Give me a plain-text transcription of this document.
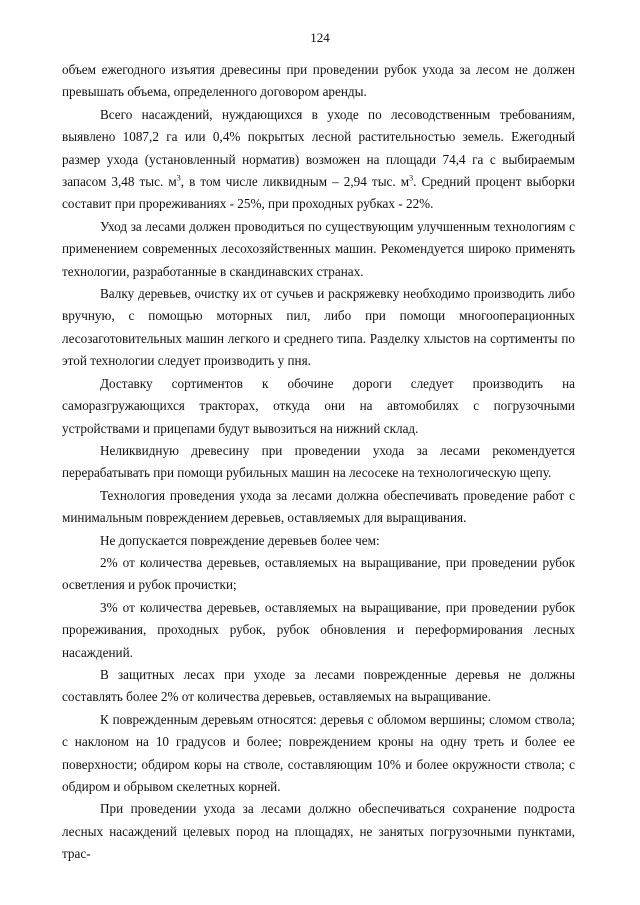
124

объем ежегодного изъятия древесины при проведении рубок ухода за лесом не должен превышать объема, определенного договором аренды.

Всего насаждений, нуждающихся в уходе по лесоводственным требованиям, выявлено 1087,2 га или 0,4% покрытых лесной растительностью земель. Ежегодный размер ухода (установленный норматив) возможен на площади 74,4 га с выбираемым запасом 3,48 тыс. $м^3$, в том числе ликвидным – 2,94 тыс. $м^3$. Средний процент выборки составит при прореживаниях - 25%, при проходных рубках - 22%.

Уход за лесами должен проводиться по существующим улучшенным технологиям с применением современных лесохозяйственных машин. Рекомендуется широко применять технологии, разработанные в скандинавских странах.

Валку деревьев, очистку их от сучьев и раскряжевку необходимо производить либо вручную, с помощью моторных пил, либо при помощи многооперационных лесозаготовительных машин легкого и среднего типа. Разделку хлыстов на сортименты по этой технологии следует производить у пня.

Доставку сортиментов к обочине дороги следует производить на саморазгружающихся тракторах, откуда они на автомобилях с погрузочными устройствами и прицепами будут вывозиться на нижний склад.

Неликвидную древесину при проведении ухода за лесами рекомендуется перерабатывать при помощи рубильных машин на лесосеке на технологическую щепу.

Технология проведения ухода за лесами должна обеспечивать проведение работ с минимальным повреждением деревьев, оставляемых для выращивания.

Не допускается повреждение деревьев более чем:

2% от количества деревьев, оставляемых на выращивание, при проведении рубок осветления и рубок прочистки;

3% от количества деревьев, оставляемых на выращивание, при проведении рубок прореживания, проходных рубок, рубок обновления и переформирования лесных насаждений.

В защитных лесах при уходе за лесами поврежденные деревья не должны составлять более 2% от количества деревьев, оставляемых на выращивание.

К поврежденным деревьям относятся: деревья с обломом вершины; сломом ствола; с наклоном на 10 градусов и более; повреждением кроны на одну треть и более ее поверхности; обдиром коры на стволе, составляющим 10% и более окружности ствола; с обдиром и обрывом скелетных корней.

При проведении ухода за лесами должно обеспечиваться сохранение подроста лесных насаждений целевых пород на площадях, не занятых погрузочными пунктами, трас-
